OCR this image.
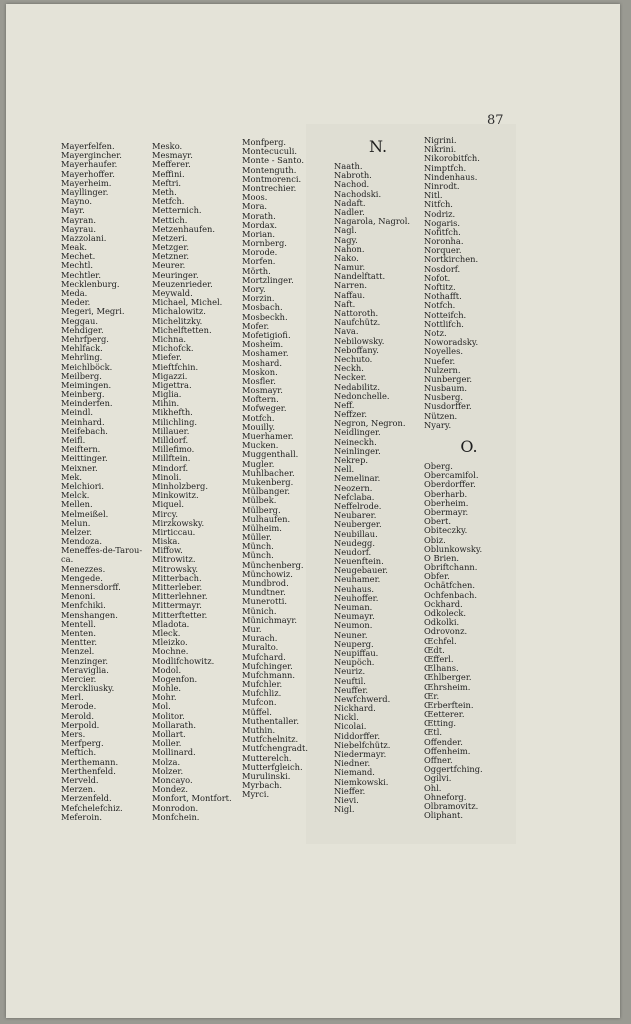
87
Mayerfelfen.
Mayergincher.
Mayerhaufer.
Mayerhoffer.
Mayerheim.
Mayllinger.
Mayno.
Mayr.
Mayran.
Mayrau.
Mazzolani.
Meak.
Mechet.
Mechtl.
Mechtler.
Mecklenburg.
Meda.
Meder.
Megeri, Megri.
Meggau.
Mehdiger.
Mehrfperg.
Mehlfack.
Mehrling.
Meichlböck.
Meilberg.
Meimingen.
Meinberg.
Meinderfen.
Meindl.
Meinhard.
Meifebach.
Meifl.
Meiftern.
Meittinger.
Meixner.
Mek.
Melchiori.
Melck.
Mellen.
Melmeißel.
Melun.
Melzer.
Mendoza.
Meneffes-de-Tarou-
ca.
Menezzes.
Mengede.
Mennersdorff.
Menoni.
Menfchiki.
Menshangen.
Mentell.
Menten.
Mentter.
Menzel.
Menzinger.
Meraviglia.
Mercier.
Merckliusky.
Merl.
Merode.
Merold.
Merpold.
Mers.
Merfperg.
Meftich.
Merthemann.
Merthenfeld.
Merveld.
Merzen.
Merzenfeld.
Mefchelefchiz.
Meferoin.
Mesko.
Mesmayr.
Mefferer.
Meffini.
Meftri.
Meth.
Metfch.
Metternich.
Mettich.
Metzenhaufen.
Metzeri.
Metzger.
Metzner.
Meurer.
Meuringer.
Meuzenrieder.
Meywald.
Michael, Michel.
Michalowitz.
Michelitzky.
Michelftetten.
Michna.
Michofck.
Miefer.
Mieftfchin.
Migazzi.
Migettra.
Miglia.
Mihin.
Mikhefth.
Milichling.
Millauer.
Milldorf.
Millefimo.
Millftein.
Mindorf.
Minoli.
Minholzberg.
Minkowitz.
Miquel.
Mircy.
Mirzkowsky.
Mirticcau.
Miska.
Miffow.
Mitrowitz.
Mitrowsky.
Mitterbach.
Mitterleber.
Mitterlehner.
Mittermayr.
Mitterftetter.
Mladota.
Mleck.
Mleizko.
Mochne.
Modlifchowitz.
Modol.
Mogenfon.
Mohle.
Mohr.
Mol.
Molitor.
Mollarath.
Mollart.
Moller.
Mollinard.
Molza.
Molzer.
Moncayo.
Mondez.
Monfort, Montfort.
Monrodon.
Monfchein.
Monfperg.
Montecuculi.
Monte - Santo.
Montenguth.
Montmorenci.
Montrechier.
Moos.
Mora.
Morath.
Mordax.
Morian.
Mornberg.
Morode.
Morfen.
Mörth.
Mortzlinger.
Mory.
Morzin.
Mosbach.
Mosbeckh.
Mofer.
Mofetigiofi.
Mosheim.
Moshamer.
Moshard.
Moskon.
Mosfler.
Mosmayr.
Moftern.
Mofweger.
Motfch.
Mouilly.
Muerhamer.
Mucken.
Muggenthall.
Mugler.
Muhlbacher.
Mukenberg.
Mülbanger.
Mülbek.
Mülberg.
Mulhaufen.
Mülheim.
Müller.
Münch.
Münch.
Münchenberg.
Münchowiz.
Mundbrod.
Mundtner.
Munerotti.
Münich.
Münichmayr.
Mur.
Murach.
Muralto.
Mufchard.
Mufchinger.
Mufchmann.
Mufchler.
Mufchliz.
Mufcon.
Müffel.
Muthentaller.
Muthin.
Mutfchelnitz.
Mutfchengradt.
Mutterelch.
Mutterfgleich.
Murulinski.
Myrbach.
Myrci.
N.
Naath.
Nabroth.
Nachod.
Nachodski.
Nadaft.
Nadler.
Nagarola, Nagrol.
Nagl.
Nagy.
Nahon.
Nako.
Namur.
Nandelftatt.
Narren.
Naffau.
Naft.
Nattoroth.
Naufchütz.
Nava.
Nebilowsky.
Neboffany.
Nechuto.
Neckh.
Necker.
Nedabilitz.
Nedonchelle.
Neff.
Neffzer.
Negron, Negron.
Neidlinger.
Neineckh.
Neinlinger.
Nekrep.
Nell.
Nemelinar.
Neozern.
Nefclaba.
Neffelrode.
Neubarer.
Neuberger.
Neubillau.
Neudegg.
Neudorf.
Neuenftein.
Neugebauer.
Neuhamer.
Neuhaus.
Neuhoffer.
Neuman.
Neumayr.
Neumon.
Neuner.
Neuperg.
Neupiffau.
Neupöch.
Neuriz.
Neuftil.
Neuffer.
Newfchwerd.
Nickhard.
Nickl.
Nicolai.
Niddorffer.
Niebelfchütz.
Niedermayr.
Niedner.
Niemand.
Niemkowski.
Nieffer.
Nievi.
Nigl.
Nigrini.
Nikrini.
Nikorobitfch.
Nimptfch.
Nindenhaus.
Ninrodt.
Nitl.
Nitfch.
Nodriz.
Nogaris.
Nofitfch.
Noronha.
Norquer.
Nortkirchen.
Nosdorf.
Nofot.
Noftitz.
Nothafft.
Notfch.
Notteifch.
Nottlifch.
Notz.
Noworadsky.
Noyelles.
Nuefer.
Nulzern.
Nunberger.
Nusbaum.
Nusberg.
Nusdorffer.
Nützen.
Nyary.
O.
Oberg.
Obercamifol.
Oberdorffer.
Oberharb.
Oberheim.
Obermayr.
Obert.
Obiteczky.
Obiz.
Oblunkowsky.
O Brien.
Obriftchann.
Obfer.
Ochätfchen.
Ochfenbach.
Ockhard.
Odkoleck.
Odkolki.
Odrovonz.
Œchfel.
Œdt.
Œfferl.
Œlhans.
Œhlberger.
Œhrsheim.
Œr.
Œrberftein.
Œetterer.
Œtting.
Œtl.
Offender.
Offenheim.
Offner.
Oggertfching.
Ogilvi.
Ohl.
Ohneforg.
Olbramovitz.
Oliphant.
